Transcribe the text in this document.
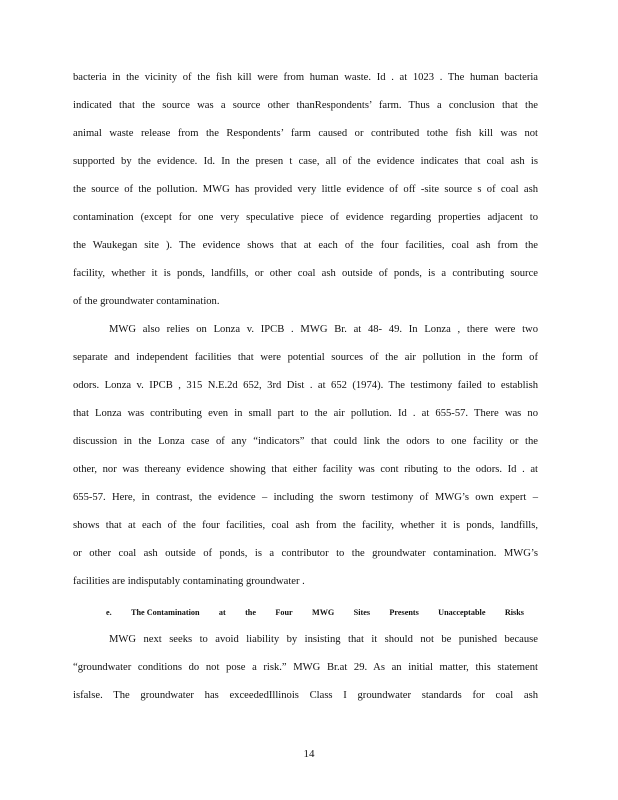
bacteria in the vicinity of the fish kill were from human waste. Id . at 1023 . The human bacteria
indicated that the source was a source other thanRespondents’ farm. Thus a conclusion that the
animal waste release from the Respondents’ farm caused or contributed tothe fish kill was not
supported by the evidence. Id. In the presen t case, all of the evidence indicates that coal ash is
the source of the pollution. MWG has provided very little evidence of off -site source s of coal ash
contamination (except for one very speculative piece of evidence regarding properties adjacent to
the Waukegan site ). The evidence shows that at each of the four facilities, coal ash from the
facility, whether it is ponds, landfills, or other coal ash outside of ponds, is a contributing source
of the groundwater contamination.
MWG also relies on Lonza v. IPCB . MWG Br. at 48- 49. In Lonza , there were two
separate and independent facilities that were potential sources of the air pollution in the form of
odors. Lonza v. IPCB , 315 N.E.2d 652, 3rd Dist . at 652 (1974). The testimony failed to establish
that Lonza was contributing even in small part to the air pollution. Id . at 655-57. There was no
discussion in the Lonza case of any “indicators” that could link the odors to one facility or the
other, nor was thereany evidence showing that either facility was cont ributing to the odors. Id . at
655-57. Here, in contrast, the evidence – including the sworn testimony of MWG’s own expert –
shows that at each of the four facilities, coal ash from the facility, whether it is ponds, landfills,
or other coal ash outside of ponds, is a contributor to the groundwater contamination. MWG’s
facilities are indisputably contaminating groundwater .
e. The Contamination at the Four MWG Sites Presents Unacceptable Risks
MWG next seeks to avoid liability by insisting that it should not be punished because
“groundwater conditions do not pose a risk.” MWG Br.at 29. As an initial matter, this statement
isfalse. The groundwater has exceededIllinois Class I groundwater standards for coal ash
14
